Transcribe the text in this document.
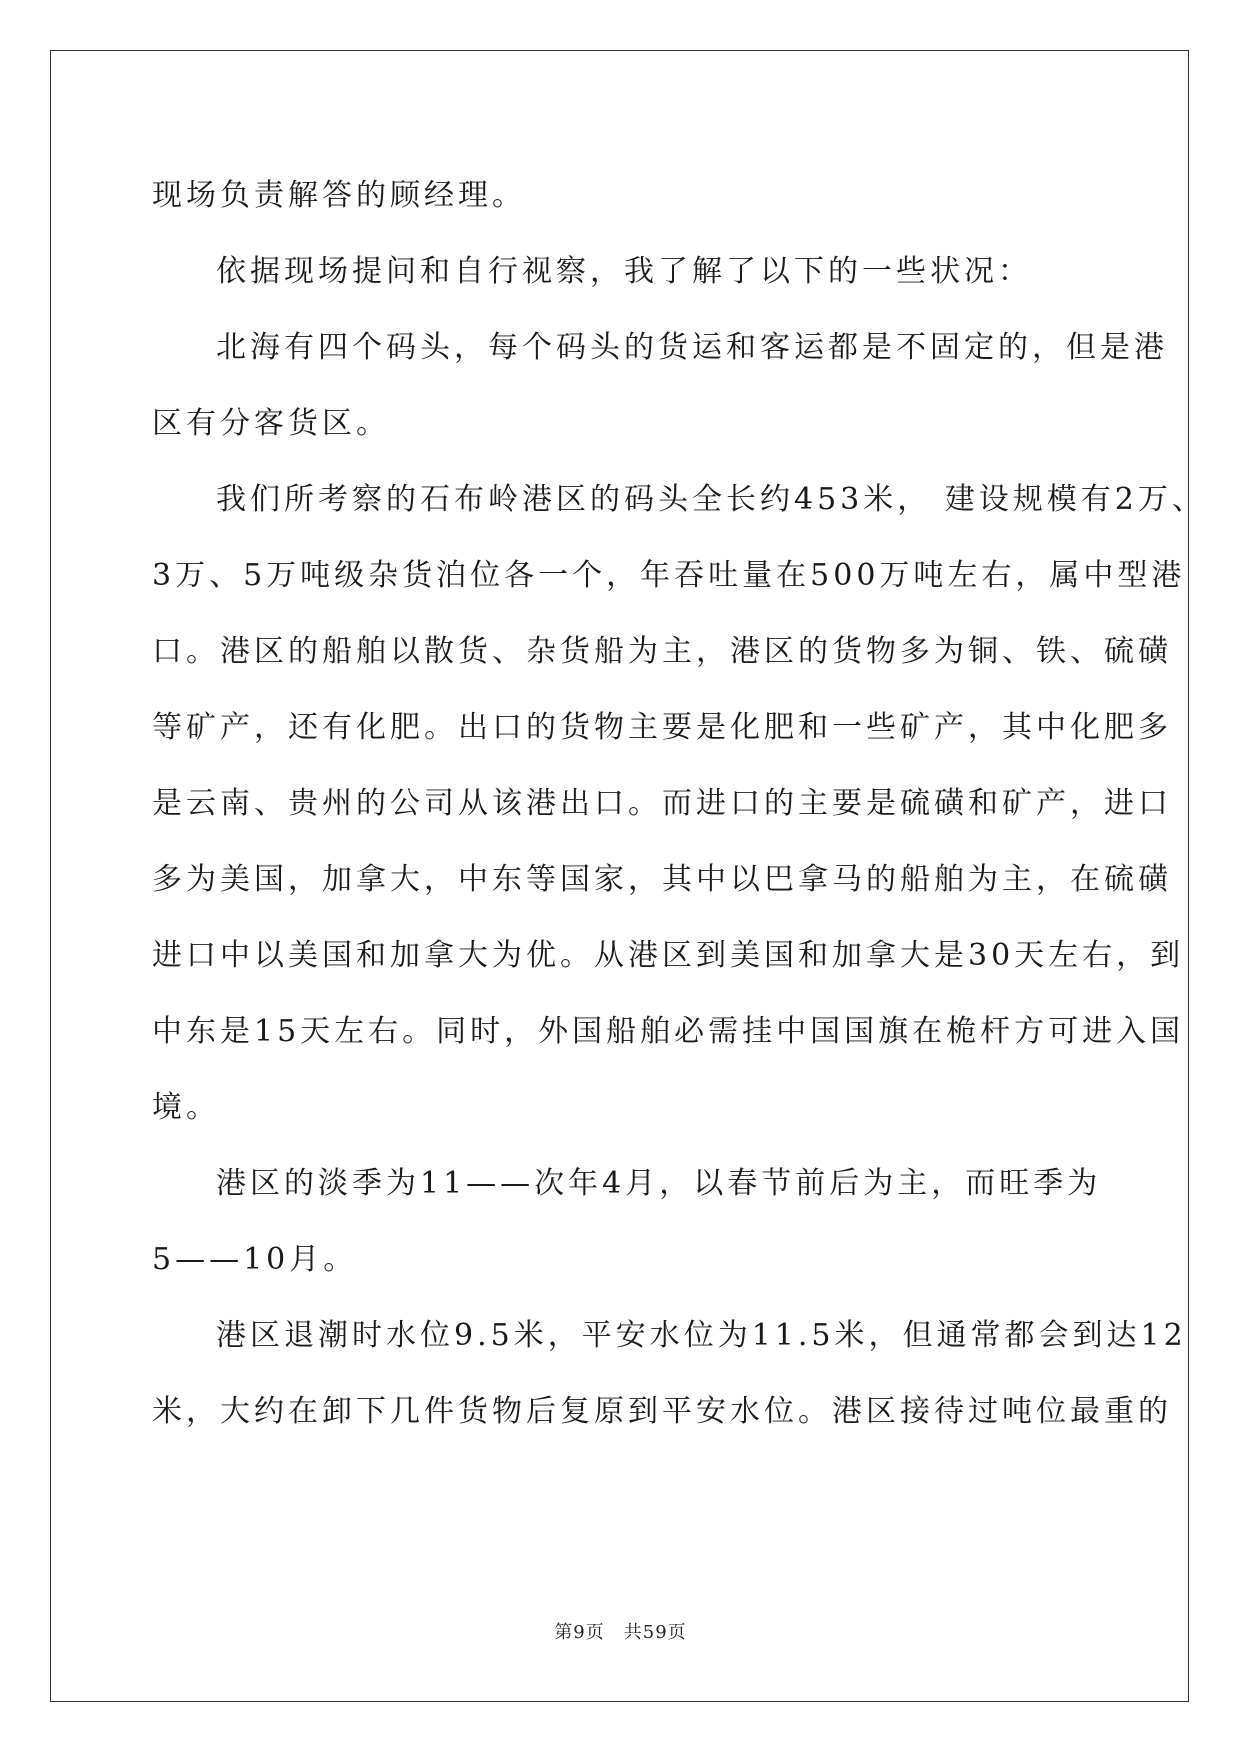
现场负责解答的顾经理。
依据现场提问和自行视察，我了解了以下的一些状况：
北海有四个码头，每个码头的货运和客运都是不固定的，但是港
区有分客货区。
我们所考察的石布岭港区的码头全长约453米， 建设规模有2万、
3万、5万吨级杂货泊位各一个，年吞吐量在500万吨左右，属中型港
口。港区的船舶以散货、杂货船为主，港区的货物多为铜、铁、硫磺
等矿产，还有化肥。出口的货物主要是化肥和一些矿产，其中化肥多
是云南、贵州的公司从该港出口。而进口的主要是硫磺和矿产，进口
多为美国，加拿大，中东等国家，其中以巴拿马的船舶为主，在硫磺
进口中以美国和加拿大为优。从港区到美国和加拿大是30天左右，到
中东是15天左右。同时，外国船舶必需挂中国国旗在桅杆方可进入国
境。
港区的淡季为11——次年4月，以春节前后为主，而旺季为
5——10月。
港区退潮时水位9.5米，平安水位为11.5米，但通常都会到达12
米，大约在卸下几件货物后复原到平安水位。港区接待过吨位最重的
第9页　共59页
